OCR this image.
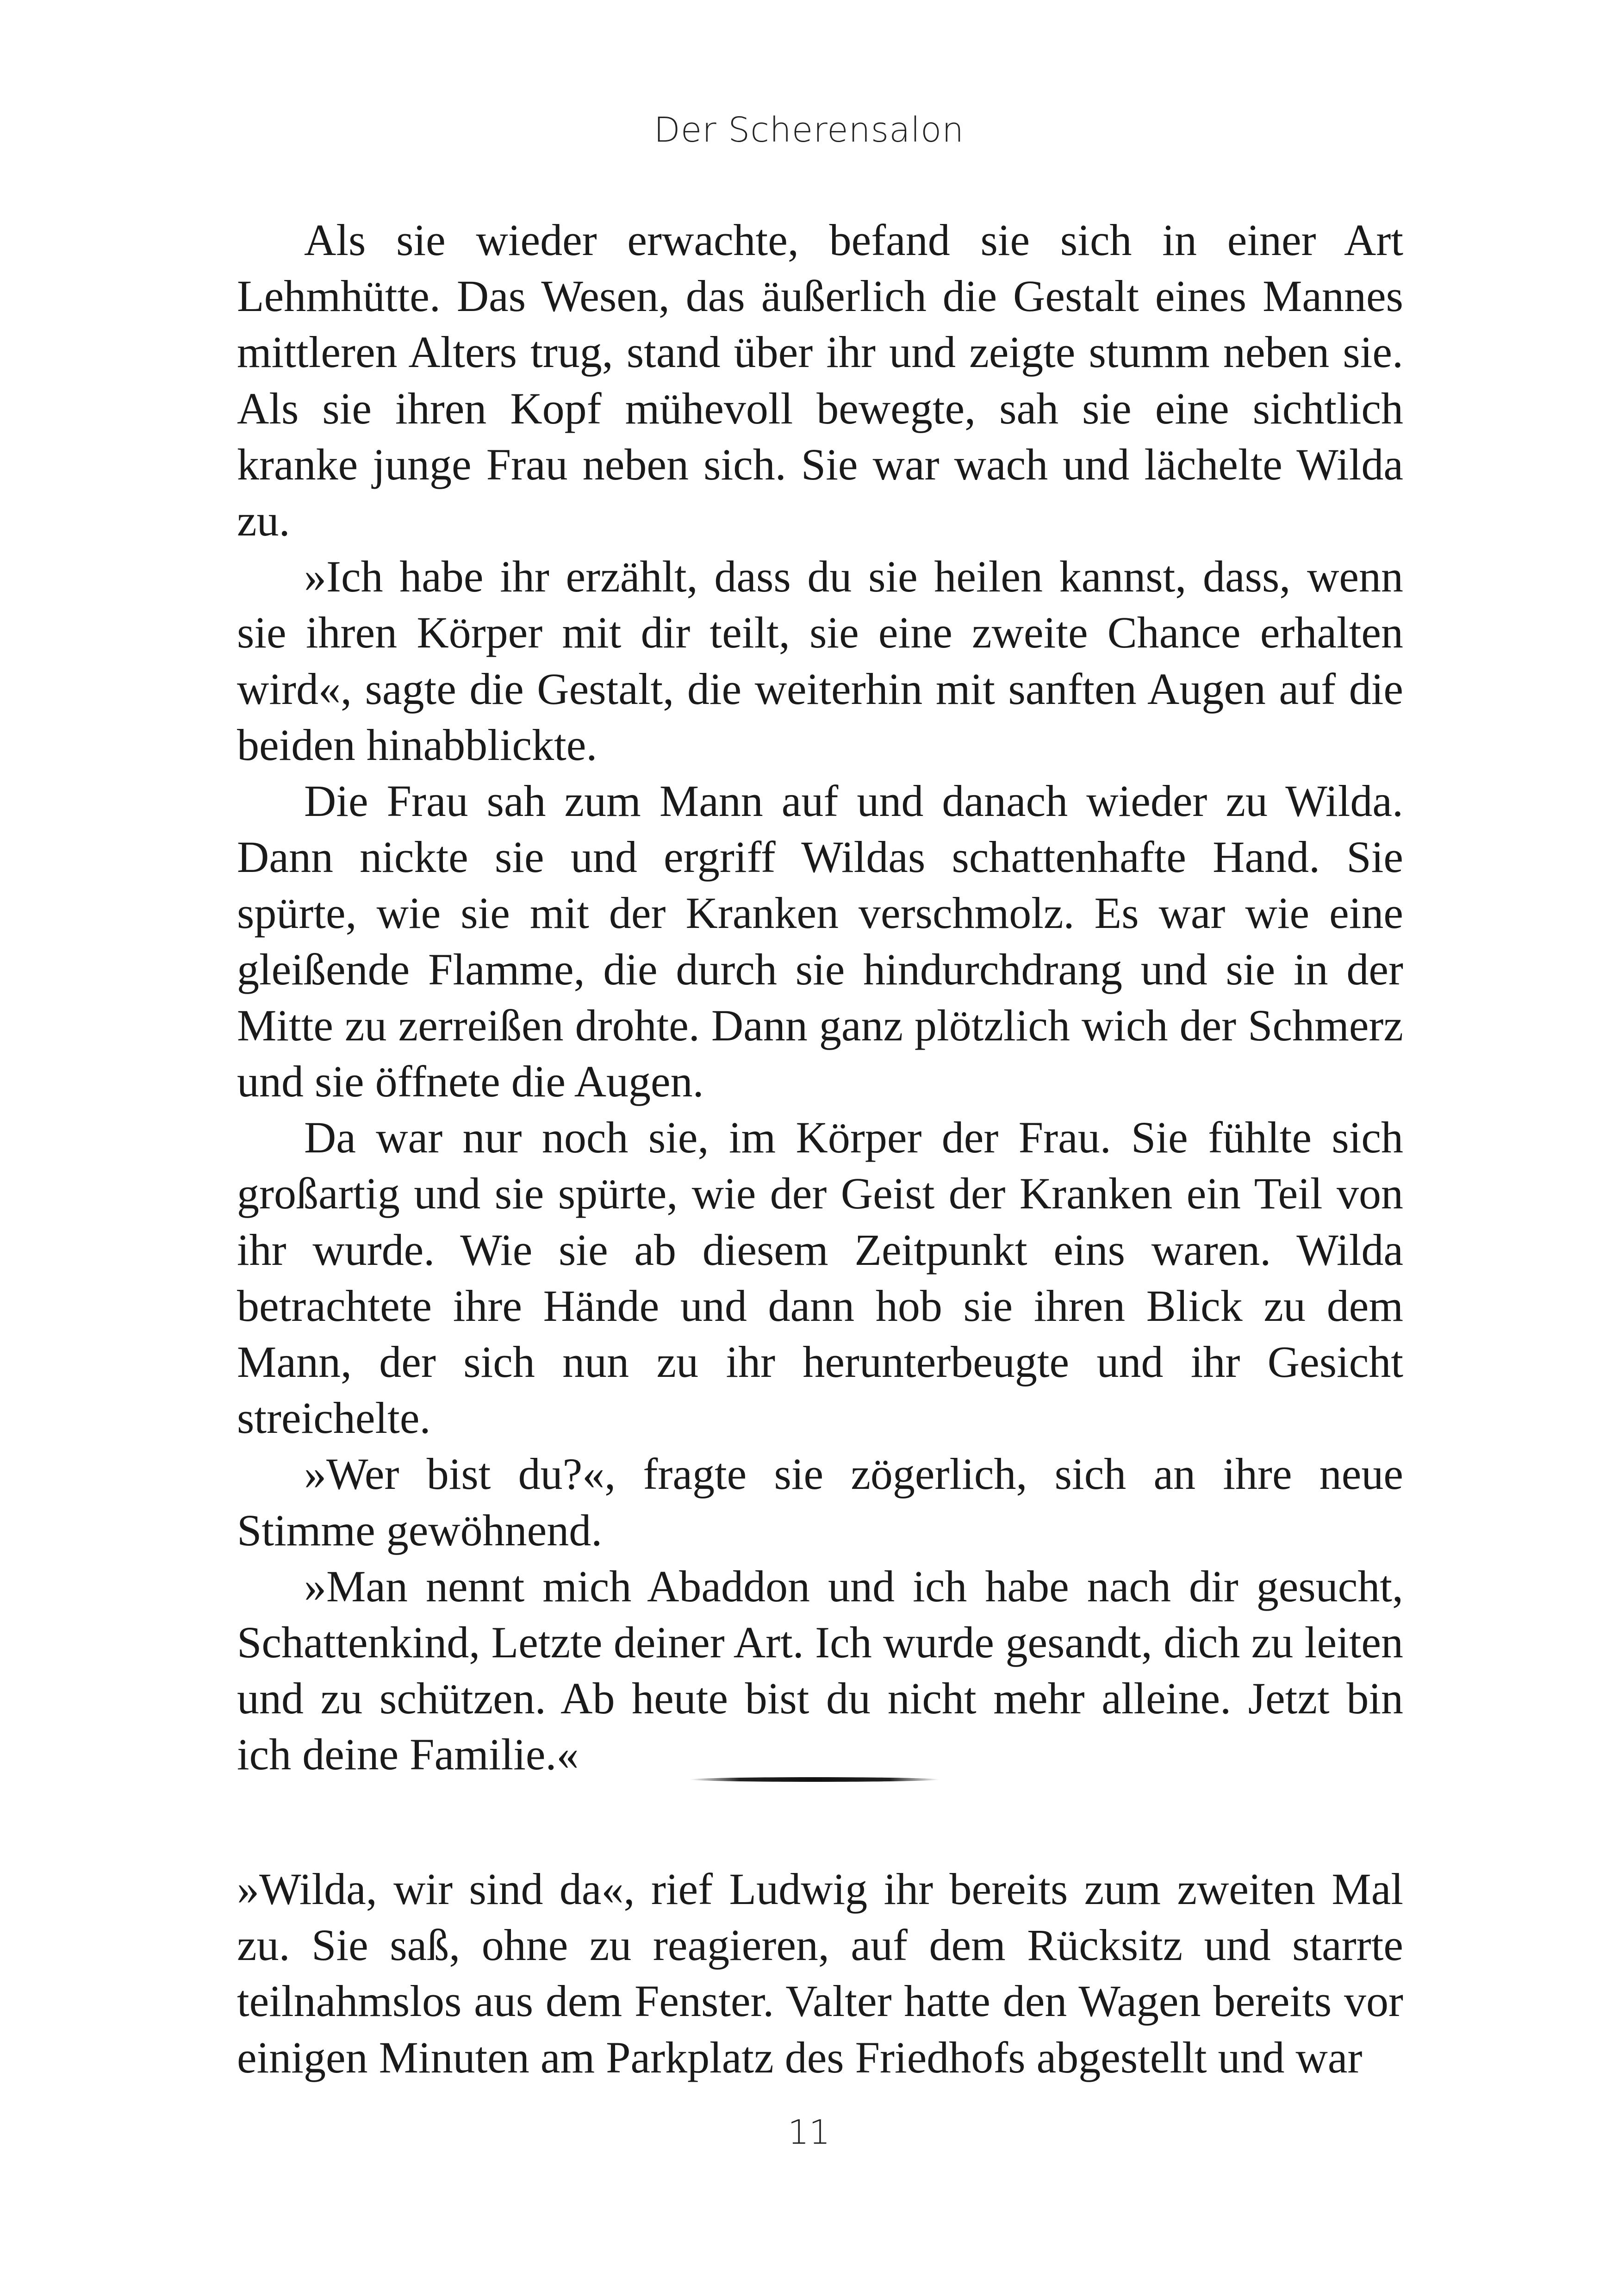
Der Scherensalon

Als sie wieder erwachte, befand sie sich in einer Art Lehmhütte. Das Wesen, das äußerlich die Gestalt eines Mannes mittleren Alters trug, stand über ihr und zeigte stumm neben sie. Als sie ihren Kopf mühevoll bewegte, sah sie eine sichtlich kranke junge Frau neben sich. Sie war wach und lächelte Wilda zu.

»Ich habe ihr erzählt, dass du sie heilen kannst, dass, wenn sie ihren Körper mit dir teilt, sie eine zweite Chance erhalten wird«, sagte die Gestalt, die weiterhin mit sanften Augen auf die beiden hinabblickte.

Die Frau sah zum Mann auf und danach wieder zu Wilda. Dann nickte sie und ergriff Wildas schattenhafte Hand. Sie spürte, wie sie mit der Kranken verschmolz. Es war wie eine gleißende Flamme, die durch sie hindurchdrang und sie in der Mitte zu zerreißen drohte. Dann ganz plötzlich wich der Schmerz und sie öffnete die Augen.

Da war nur noch sie, im Körper der Frau. Sie fühlte sich großartig und sie spürte, wie der Geist der Kranken ein Teil von ihr wurde. Wie sie ab diesem Zeitpunkt eins waren. Wilda betrachtete ihre Hände und dann hob sie ihren Blick zu dem Mann, der sich nun zu ihr herunterbeugte und ihr Gesicht streichelte.

»Wer bist du?«, fragte sie zögerlich, sich an ihre neue Stimme gewöhnend.

»Man nennt mich Abaddon und ich habe nach dir gesucht, Schattenkind, Letzte deiner Art. Ich wurde gesandt, dich zu leiten und zu schützen. Ab heute bist du nicht mehr alleine. Jetzt bin ich deine Familie.«

»Wilda, wir sind da«, rief Ludwig ihr bereits zum zweiten Mal zu. Sie saß, ohne zu reagieren, auf dem Rücksitz und starrte teilnahmslos aus dem Fenster. Valter hatte den Wagen bereits vor einigen Minuten am Parkplatz des Friedhofs abgestellt und war

11
